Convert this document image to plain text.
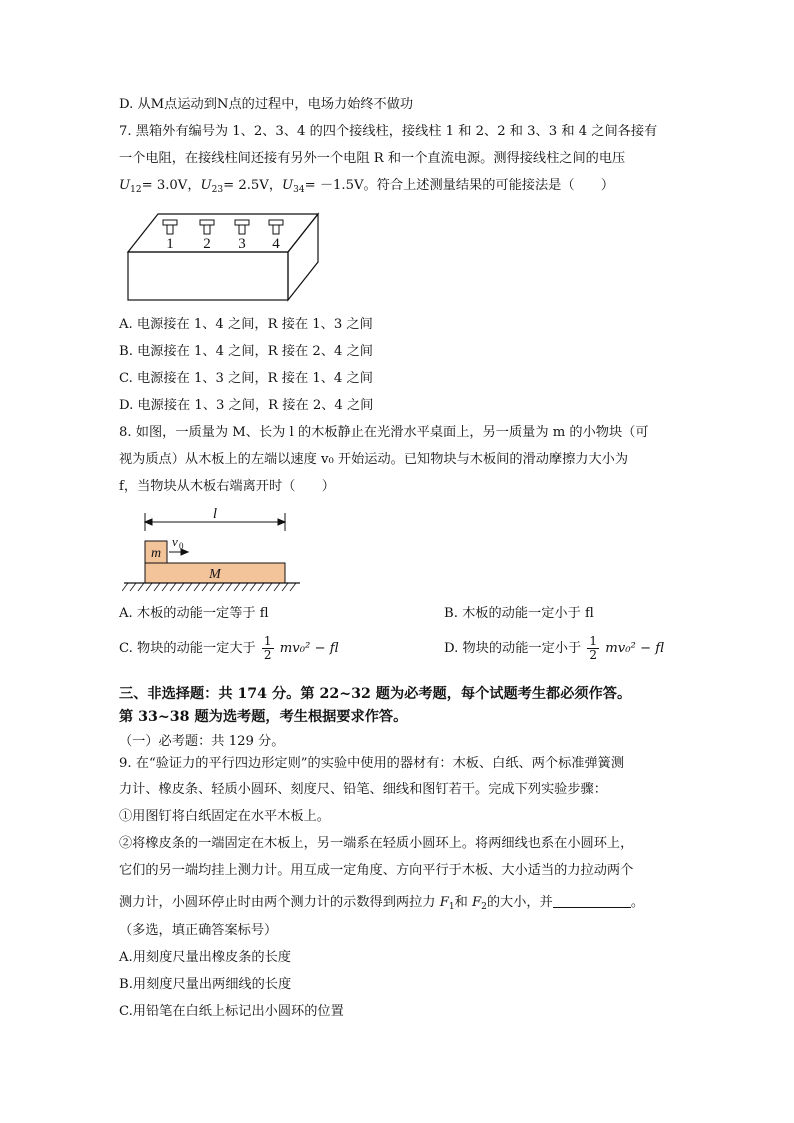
D. 从M点运动到N点的过程中，电场力始终不做功
7. 黑箱外有编号为 1、2、3、4 的四个接线柱，接线柱 1 和 2、2 和 3、3 和 4 之间各接有
一个电阻，在接线柱间还接有另外一个电阻 R 和一个直流电源。测得接线柱之间的电压
$U_{12}= 3.0V$，$U_{23}= 2.5V$，$U_{34}= -1.5V$。符合上述测量结果的可能接法是（　　）
1 2 3 4
A. 电源接在 1、4 之间，R 接在 1、3 之间
B. 电源接在 1、4 之间，R 接在 2、4 之间
C. 电源接在 1、3 之间，R 接在 1、4 之间
D. 电源接在 1、3 之间，R 接在 2、4 之间
8. 如图，一质量为 M、长为 l 的木板静止在光滑水平桌面上，另一质量为 m 的小物块（可
视为质点）从木板上的左端以速度 v₀ 开始运动。已知物块与木板间的滑动摩擦力大小为
f，当物块从木板右端离开时（　　）
l
m
v 0
M
A. 木板的动能一定等于 fl	B. 木板的动能一定小于 fl
C. 物块的动能一定大于 $\frac{1}{2} mv_0^2$ − fl	D. 物块的动能一定小于 $\frac{1}{2} mv_0^2$ − fl
三、非选择题：共 174 分。第 22~32 题为必考题，每个试题考生都必须作答。
第 33~38 题为选考题，考生根据要求作答。
（一）必考题：共 129 分。
9. 在“验证力的平行四边形定则”的实验中使用的器材有：木板、白纸、两个标准弹簧测
力计、橡皮条、轻质小圆环、刻度尺、铅笔、细线和图钉若干。完成下列实验步骤：
①用图钉将白纸固定在水平木板上。
②将橡皮条的一端固定在木板上，另一端系在轻质小圆环上。将两细线也系在小圆环上，
它们的另一端均挂上测力计。用互成一定角度、方向平行于木板、大小适当的力拉动两个
测力计，小圆环停止时由两个测力计的示数得到两拉力 $F_1$和 $F_2$的大小，并	。
（多选，填正确答案标号）
A.用刻度尺量出橡皮条的长度
B.用刻度尺量出两细线的长度
C.用铅笔在白纸上标记出小圆环的位置
